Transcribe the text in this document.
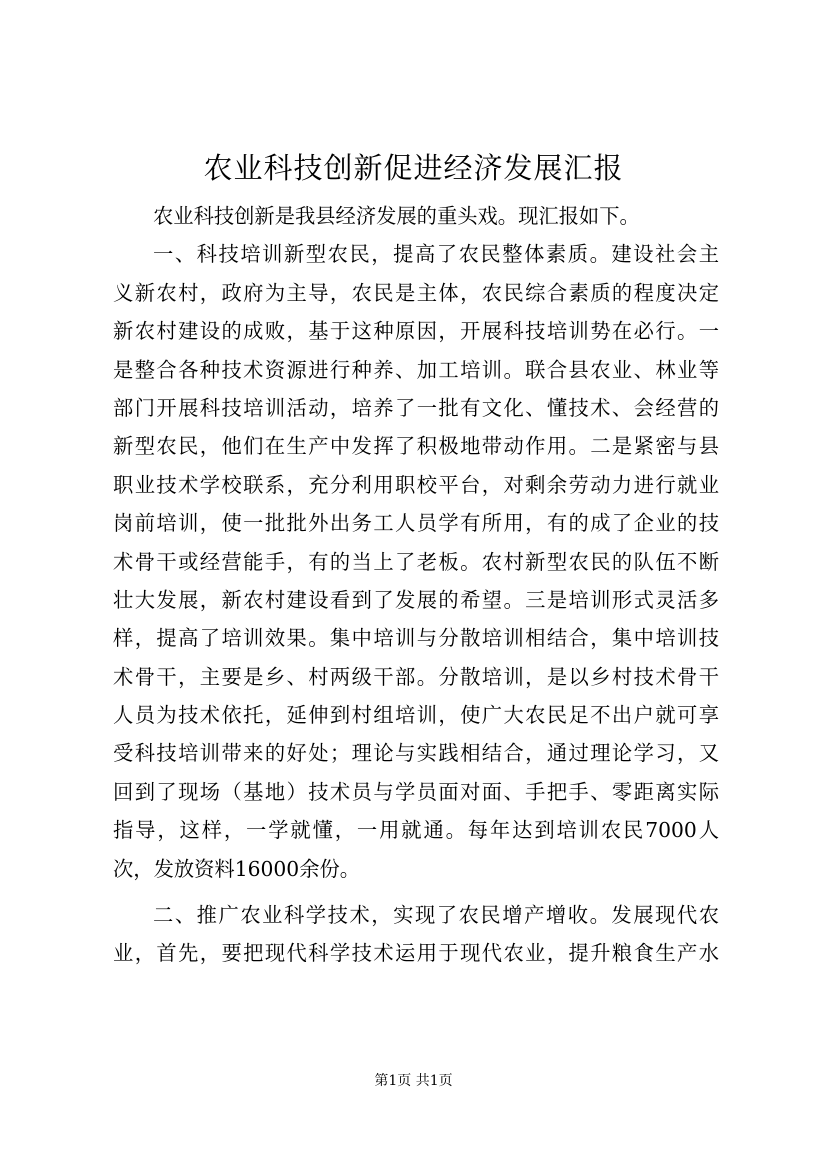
农业科技创新促进经济发展汇报
农业科技创新是我县经济发展的重头戏。现汇报如下。
一、科技培训新型农民，提高了农民整体素质。建设社会主
义新农村，政府为主导，农民是主体，农民综合素质的程度决定
新农村建设的成败，基于这种原因，开展科技培训势在必行。一
是整合各种技术资源进行种养、加工培训。联合县农业、林业等
部门开展科技培训活动，培养了一批有文化、懂技术、会经营的
新型农民，他们在生产中发挥了积极地带动作用。二是紧密与县
职业技术学校联系，充分利用职校平台，对剩余劳动力进行就业
岗前培训，使一批批外出务工人员学有所用，有的成了企业的技
术骨干或经营能手，有的当上了老板。农村新型农民的队伍不断
壮大发展，新农村建设看到了发展的希望。三是培训形式灵活多
样，提高了培训效果。集中培训与分散培训相结合，集中培训技
术骨干，主要是乡、村两级干部。分散培训，是以乡村技术骨干
人员为技术依托，延伸到村组培训，使广大农民足不出户就可享
受科技培训带来的好处；理论与实践相结合，通过理论学习，又
回到了现场（基地）技术员与学员面对面、手把手、零距离实际
指导，这样，一学就懂，一用就通。每年达到培训农民7000人
次，发放资料16000余份。
二、推广农业科学技术，实现了农民增产增收。发展现代农
业，首先，要把现代科学技术运用于现代农业，提升粮食生产水
第1页 共1页
